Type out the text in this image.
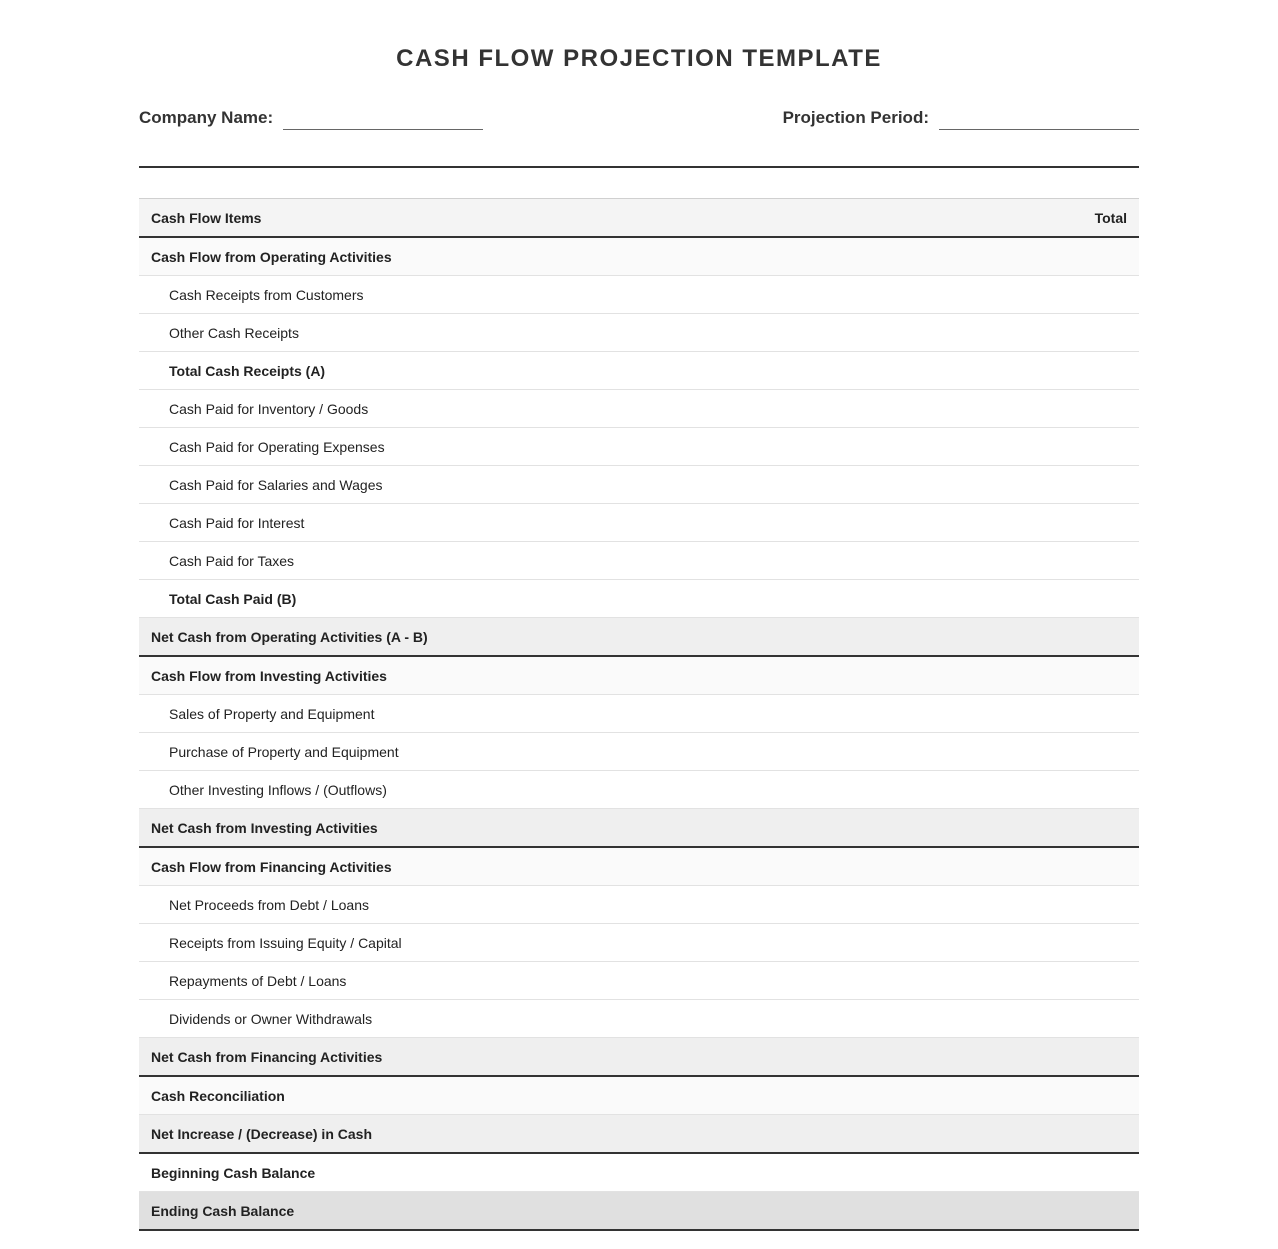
CASH FLOW PROJECTION TEMPLATE
Company Name:	Projection Period:
Cash Flow Items	Total
Cash Flow from Operating Activities
Cash Receipts from Customers
Other Cash Receipts
Total Cash Receipts (A)
Cash Paid for Inventory / Goods
Cash Paid for Operating Expenses
Cash Paid for Salaries and Wages
Cash Paid for Interest
Cash Paid for Taxes
Total Cash Paid (B)
Net Cash from Operating Activities (A - B)
Cash Flow from Investing Activities
Sales of Property and Equipment
Purchase of Property and Equipment
Other Investing Inflows / (Outflows)
Net Cash from Investing Activities
Cash Flow from Financing Activities
Net Proceeds from Debt / Loans
Receipts from Issuing Equity / Capital
Repayments of Debt / Loans
Dividends or Owner Withdrawals
Net Cash from Financing Activities
Cash Reconciliation
Net Increase / (Decrease) in Cash
Beginning Cash Balance
Ending Cash Balance
